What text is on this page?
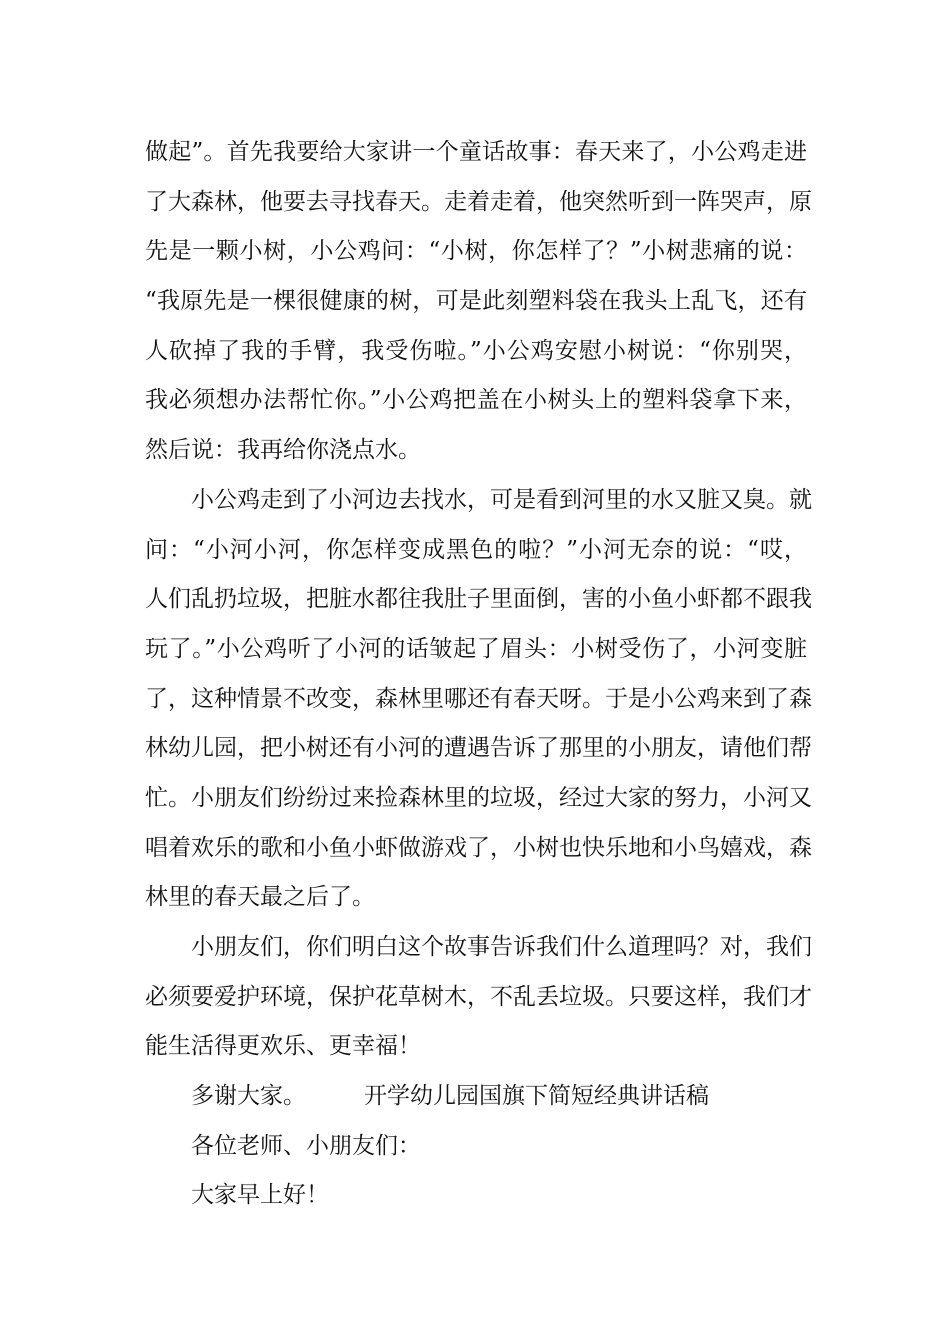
做起”。首先我要给大家讲一个童话故事：春天来了，小公鸡走进
了大森林，他要去寻找春天。走着走着，他突然听到一阵哭声，原
先是一颗小树，小公鸡问：“小树，你怎样了？”小树悲痛的说：
“我原先是一棵很健康的树，可是此刻塑料袋在我头上乱飞，还有
人砍掉了我的手臂，我受伤啦。”小公鸡安慰小树说：“你别哭，
我必须想办法帮忙你。”小公鸡把盖在小树头上的塑料袋拿下来，
然后说：我再给你浇点水。
小公鸡走到了小河边去找水，可是看到河里的水又脏又臭。就
问：“小河小河，你怎样变成黑色的啦？”小河无奈的说：“哎，
人们乱扔垃圾，把脏水都往我肚子里面倒，害的小鱼小虾都不跟我
玩了。”小公鸡听了小河的话皱起了眉头：小树受伤了，小河变脏
了，这种情景不改变，森林里哪还有春天呀。于是小公鸡来到了森
林幼儿园，把小树还有小河的遭遇告诉了那里的小朋友，请他们帮
忙。小朋友们纷纷过来捡森林里的垃圾，经过大家的努力，小河又
唱着欢乐的歌和小鱼小虾做游戏了，小树也快乐地和小鸟嬉戏，森
林里的春天最之后了。
小朋友们，你们明白这个故事告诉我们什么道理吗？对，我们
必须要爱护环境，保护花草树木，不乱丢垃圾。只要这样，我们才
能生活得更欢乐、更幸福！
多谢大家。	开学幼儿园国旗下简短经典讲话稿
各位老师、小朋友们：
大家早上好！
